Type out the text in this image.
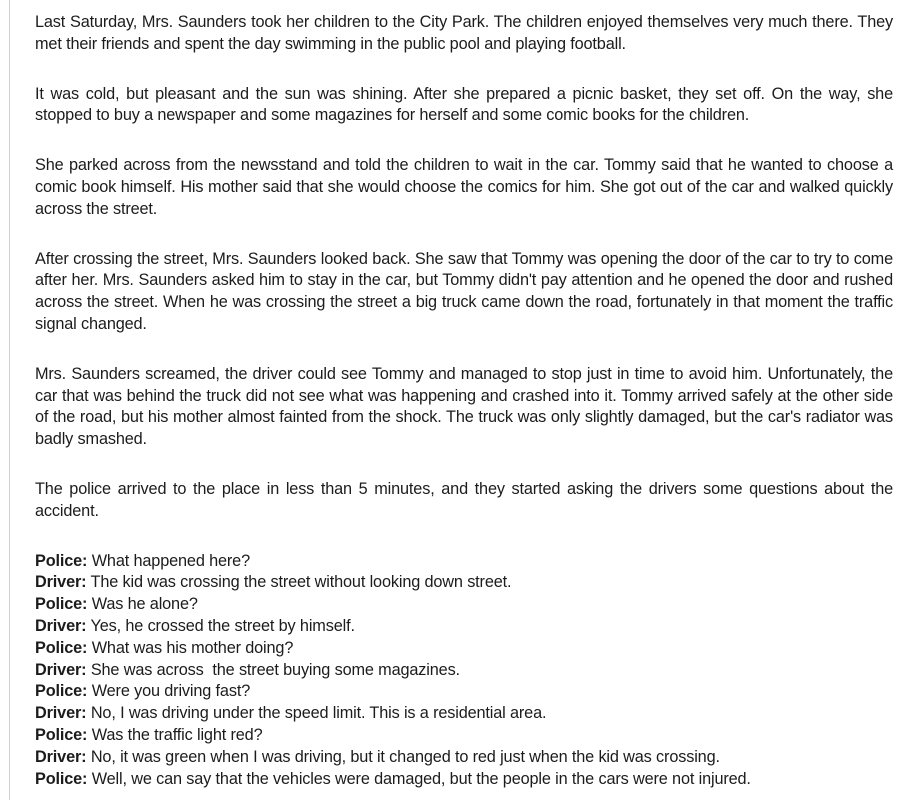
Last Saturday, Mrs. Saunders took her children to the City Park. The children enjoyed themselves very much there. They met their friends and spent the day swimming in the public pool and playing football.

It was cold, but pleasant and the sun was shining. After she prepared a picnic basket, they set off. On the way, she stopped to buy a newspaper and some magazines for herself and some comic books for the children.

She parked across from the newsstand and told the children to wait in the car. Tommy said that he wanted to choose a comic book himself. His mother said that she would choose the comics for him. She got out of the car and walked quickly across the street.

After crossing the street, Mrs. Saunders looked back. She saw that Tommy was opening the door of the car to try to come after her. Mrs. Saunders asked him to stay in the car, but Tommy didn't pay attention and he opened the door and rushed across the street. When he was crossing the street a big truck came down the road, fortunately in that moment the traffic signal changed.

Mrs. Saunders screamed, the driver could see Tommy and managed to stop just in time to avoid him. Unfortunately, the car that was behind the truck did not see what was happening and crashed into it. Tommy arrived safely at the other side of the road, but his mother almost fainted from the shock. The truck was only slightly damaged, but the car's radiator was badly smashed.

The police arrived to the place in less than 5 minutes, and they started asking the drivers some questions about the accident.

Police: What happened here?
Driver: The kid was crossing the street without looking down street.
Police: Was he alone?
Driver: Yes, he crossed the street by himself.
Police: What was his mother doing?
Driver: She was across  the street buying some magazines.
Police: Were you driving fast?
Driver: No, I was driving under the speed limit. This is a residential area.
Police: Was the traffic light red?
Driver: No, it was green when I was driving, but it changed to red just when the kid was crossing.
Police: Well, we can say that the vehicles were damaged, but the people in the cars were not injured.
